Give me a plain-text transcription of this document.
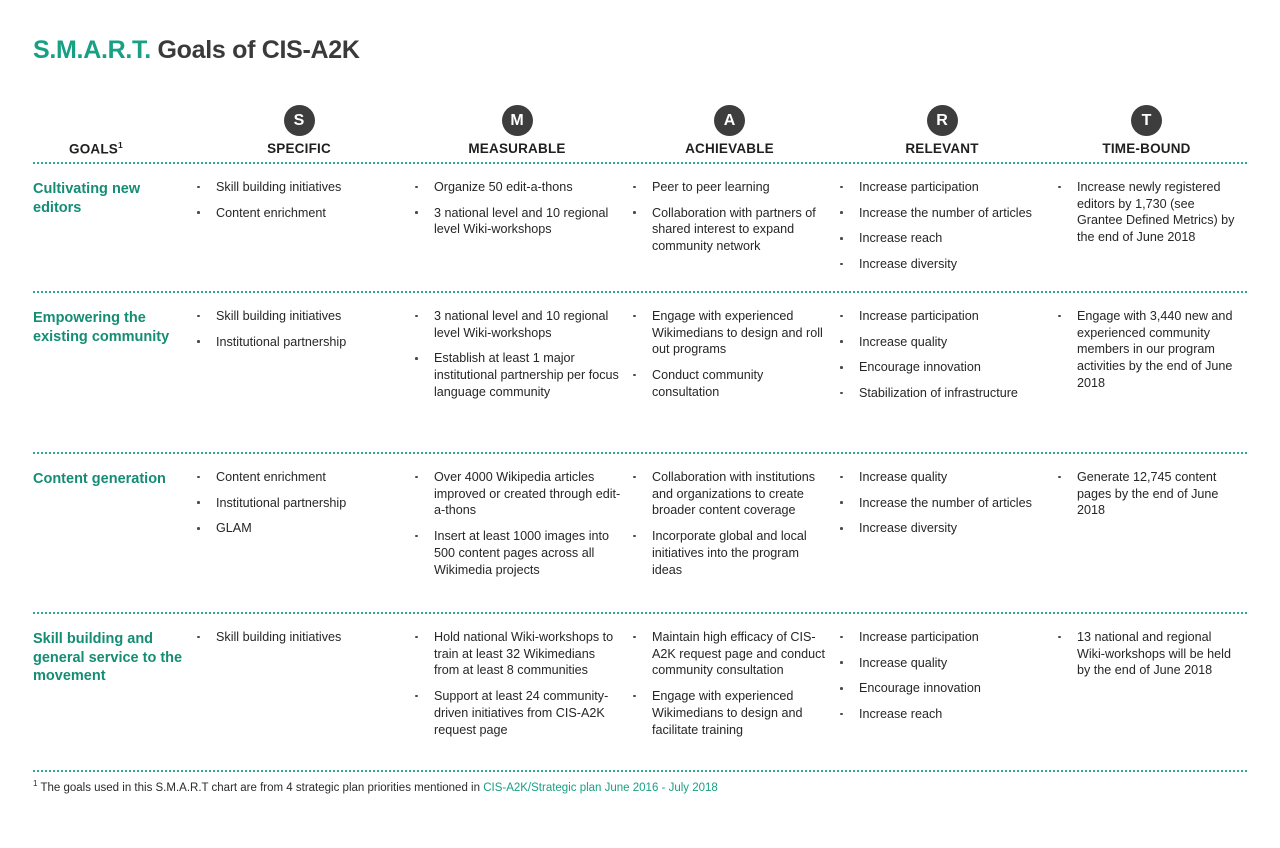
S.M.A.R.T. Goals of CIS-A2K
GOALS$^1$
S
SPECIFIC
M
MEASURABLE
A
ACHIEVABLE
R
RELEVANT
T
TIME-BOUND
Cultivating new editors
Skill building initiatives
Content enrichment
Organize 50 edit-a-thons
3 national level and 10 regional level Wiki-workshops
Peer to peer learning
Collaboration with partners of shared interest to expand community network
Increase participation
Increase the number of articles
Increase reach
Increase diversity
Increase newly registered editors by 1,730 (see Grantee Defined Metrics) by the end of June 2018
Empowering the existing community
Skill building initiatives
Institutional partnership
3 national level and 10 regional level Wiki-workshops
Establish at least 1 major institutional partnership per focus language community
Engage with experienced Wikimedians to design and roll out programs
Conduct community consultation
Increase participation
Increase quality
Encourage innovation
Stabilization of infrastructure
Engage with 3,440 new and experienced community members in our program activities by the end of June 2018
Content generation	Content enrichment
Institutional partnership
GLAM
Over 4000 Wikipedia articles improved or created through edit-a-thons
Insert at least 1000 images into 500 content pages across all Wikimedia projects
Collaboration with institutions and organizations to create broader content coverage
Incorporate global and local initiatives into the program ideas
Increase quality
Increase the number of articles
Increase diversity
Generate 12,745 content pages by the end of June 2018
Skill building and general service to the movement
Skill building initiatives	Hold national Wiki-workshops to train at least 32 Wikimedians from at least 8 communities
Support at least 24 community-driven initiatives from CIS-A2K request page
Maintain high efficacy of CIS-A2K request page and conduct community consultation
Engage with experienced Wikimedians to design and facilitate training
Increase participation
Increase quality
Encourage innovation
Increase reach
13 national and regional Wiki-workshops will be held by the end of June 2018
$^1$ The goals used in this S.M.A.R.T chart are from 4 strategic plan priorities mentioned in CIS-A2K/Strategic plan June 2016 - July 2018
